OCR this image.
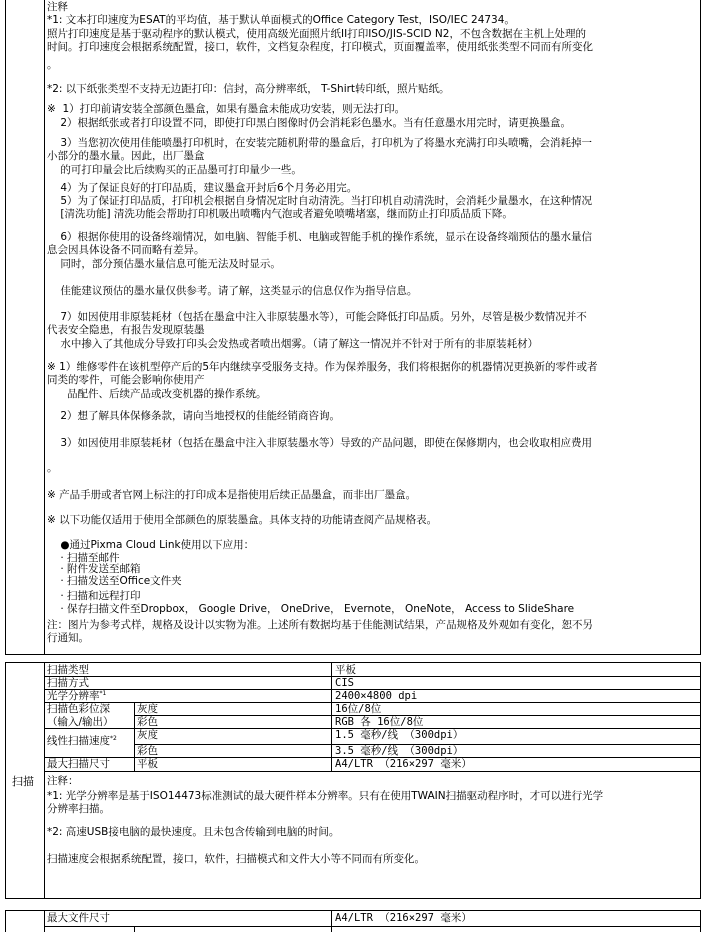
注释
*1: 文本打印速度为ESAT的平均值，基于默认单面模式的Office Category Test，ISO/IEC 24734。
照片打印速度是基于驱动程序的默认模式，使用高级光面照片纸II打印ISO/JIS-SCID N2，不包含数据在主机上处理的
时间。打印速度会根据系统配置，接口，软件，文档复杂程度，打印模式，页面覆盖率，使用纸张类型不同而有所变化
。
*2: 以下纸张类型不支持无边距打印：信封，高分辨率纸， T-Shirt转印纸，照片贴纸。
※  1）打印前请安装全部颜色墨盒，如果有墨盒未能成功安装，则无法打印。
2）根据纸张或者打印设置不同，即使打印黑白图像时仍会消耗彩色墨水。当有任意墨水用完时，请更换墨盒。
3）当您初次使用佳能喷墨打印机时，在安装完随机附带的墨盒后，打印机为了将墨水充满打印头喷嘴，会消耗掉一
小部分的墨水量。因此，出厂墨盒
的可打印量会比后续购买的正品墨可打印量少一些。
4）为了保证良好的打印品质，建议墨盒开封后6个月务必用完。
5）为了保证打印品质，打印机会根据自身情况定时自动清洗。当打印机自动清洗时，会消耗少量墨水，在这种情况
[清洗功能] 清洗功能会帮助打印机吸出喷嘴内气泡或者避免喷嘴堵塞，继而防止打印质品质下降。
6）根据你使用的设备终端情况，如电脑、智能手机、电脑或智能手机的操作系统，显示在设备终端预估的墨水量信
息会因具体设备不同而略有差异。
同时，部分预估墨水量信息可能无法及时显示。
佳能建议预估的墨水量仅供参考。请了解，这类显示的信息仅作为指导信息。
7）如因使用非原装耗材（包括在墨盒中注入非原装墨水等），可能会降低打印品质。另外，尽管是极少数情况并不
代表安全隐患，有报告发现原装墨
水中掺入了其他成分导致打印头会发热或者喷出烟雾。（请了解这一情况并不针对于所有的非原装耗材）
※ 1）维修零件在该机型停产后的5年内继续享受服务支持。作为保养服务，我们将根据你的机器情况更换新的零件或者
同类的零件，可能会影响你使用产
品配件、后续产品或改变机器的操作系统。
2）想了解具体保修条款，请向当地授权的佳能经销商咨询。
3）如因使用非原装耗材（包括在墨盒中注入非原装墨水等）导致的产品问题，即使在保修期内，也会收取相应费用
。
※ 产品手册或者官网上标注的打印成本是指使用后续正品墨盒，而非出厂墨盒。
※ 以下功能仅适用于使用全部颜色的原装墨盒。具体支持的功能请查阅产品规格表。
●通过Pixma Cloud Link使用以下应用：
· 扫描至邮件
· 附件发送至邮箱
· 扫描发送至Office文件夹
· 扫描和远程打印
· 保存扫描文件至Dropbox， Google Drive， OneDrive， Evernote， OneNote， Access to SlideShare
注：图片为参考式样，规格及设计以实物为准。上述所有数据均基于佳能测试结果，产品规格及外观如有变化，恕不另
行通知。
扫描
扫描类型	平板
扫描方式	CIS
光学分辨率$^{*1}$	2400×4800 dpi
扫描色彩位深	灰度	16位/8位
（输入/输出） 彩色	RGB 各 16位/8位
线性扫描速度$^{*2}$ 灰度	1.5 毫秒/线 （300dpi）
彩色	3.5 毫秒/线 （300dpi）
最大扫描尺寸	平板	A4/LTR （216×297 毫米）
注释：
*1: 光学分辨率是基于ISO14473标准测试的最大硬件样本分辨率。只有在使用TWAIN扫描驱动程序时，才可以进行光学
分辨率扫描。
*2: 高速USB接电脑的最快速度。且未包含传输到电脑的时间。
扫描速度会根据系统配置，接口，软件，扫描模式和文件大小等不同而有所变化。
最大文件尺寸	A4/LTR （216×297 毫米）
